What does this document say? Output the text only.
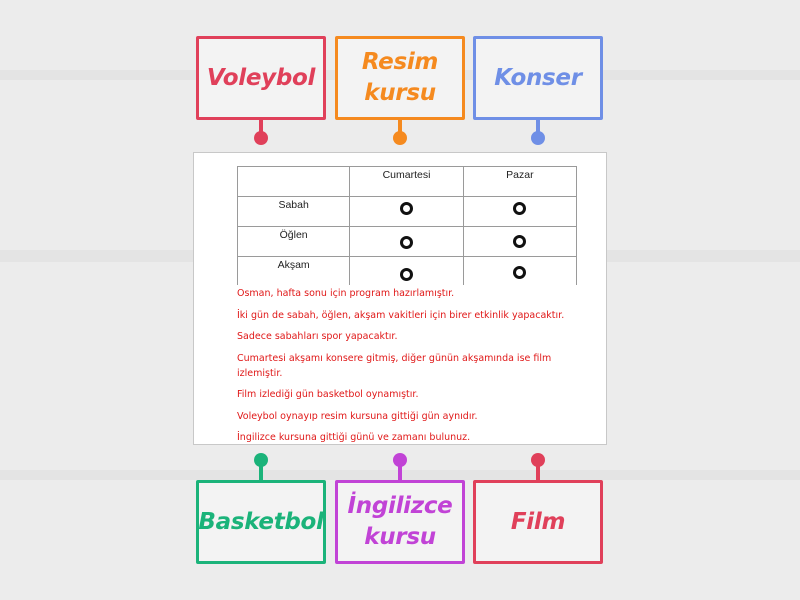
Voleybol
Resim kursu
Konser

	Cumartesi	Pazar

Sabah		

Öğlen		

Akşam		

Osman, hafta sonu için program hazırlamıştır.
İki gün de sabah, öğlen, akşam vakitleri için birer etkinlik yapacaktır.
Sadece sabahları spor yapacaktır.
Cumartesi akşamı konsere gitmiş, diğer günün akşamında ise film izlemiştir.
Film izlediği gün basketbol oynamıştır.
Voleybol oynayıp resim kursuna gittiği gün aynıdır.
İngilizce kursuna gittiği günü ve zamanı bulunuz.
Basketbol
İngilizce kursu
Film
